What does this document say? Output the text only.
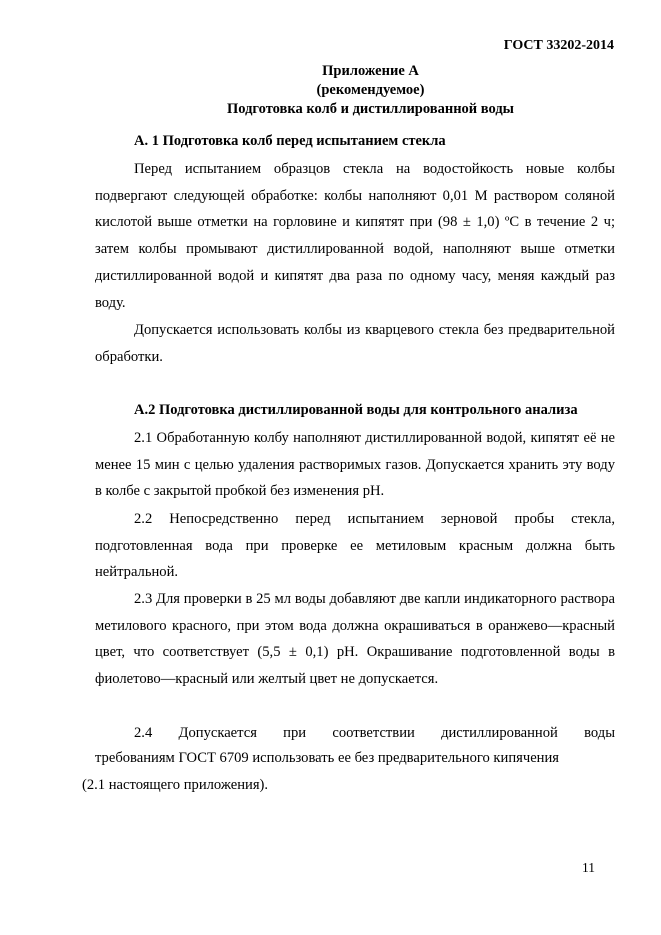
ГОСТ 33202-2014
Приложение А
(рекомендуемое)
Подготовка колб и дистиллированной воды
А. 1 Подготовка колб перед испытанием стекла

Перед испытанием образцов стекла на водостойкость новые колбы подвергают следующей обработке: колбы наполняют 0,01 М раствором соляной кислотой выше отметки на горловине и кипятят при (98 ± 1,0) ºС в течение 2 ч; затем колбы промывают дистиллированной водой, наполняют выше отметки дистиллированной водой и кипятят два раза по одному часу, меняя каждый раз воду.

Допускается использовать колбы из кварцевого стекла без предварительной обработки.

А.2 Подготовка дистиллированной воды для контрольного анализа

2.1 Обработанную колбу наполняют дистиллированной водой, кипятят её не менее 15 мин с целью удаления растворимых газов. Допускается хранить эту воду в колбе с закрытой пробкой без изменения рН.

2.2 Непосредственно перед испытанием зерновой пробы стекла, подготовленная вода при проверке ее метиловым красным должна быть нейтральной.

2.3 Для проверки в 25 мл воды добавляют две капли индикаторного раствора метилового красного, при этом вода должна окрашиваться в оранжево—красный цвет, что соответствует (5,5 ± 0,1) рН. Окрашивание подготовленной воды в фиолетово—красный или желтый цвет не допускается.

2.4 Допускается при соответствии дистиллированной воды

требованиям ГОСТ 6709 использовать ее без предварительного кипячения
(2.1 настоящего приложения).
11
